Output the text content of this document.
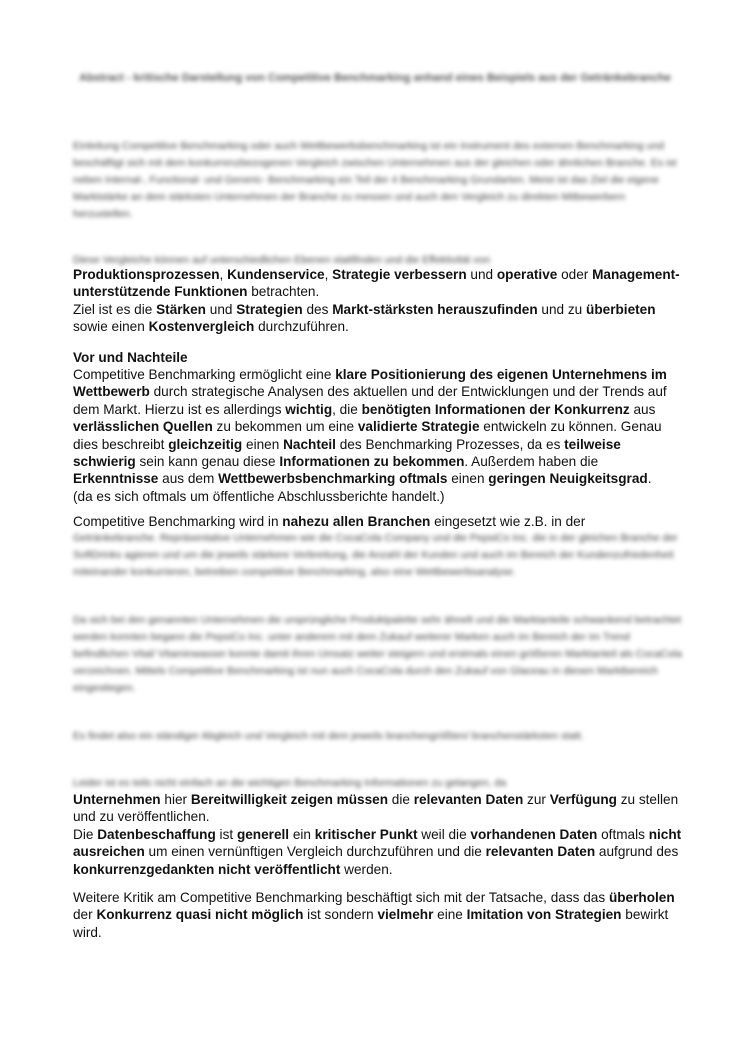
Abstract - kritische Darstellung von Competitive Benchmarking anhand eines Beispiels aus der Getränkebranche
Einleitung Competitive Benchmarking oder auch Wettbewerbsbenchmarking ist ein Instrument des externen Benchmarking und beschäftigt sich mit dem konkurrenzbezogenen Vergleich zwischen Unternehmen aus der gleichen oder ähnlichen Branche. Es ist neben Internal-, Functional- und Generic- Benchmarking ein Teil der 4 Benchmarking Grundarten. Meist ist das Ziel die eigene Marktstärke an dem stärksten Unternehmen der Branche zu messen und auch den Vergleich zu direkten Mitbewerbern herzustellen.
Diese Vergleiche können auf unterschiedlichen Ebenen stattfinden und die Effektivität von
Produktionsprozessen, Kundenservice, Strategie verbessern und operative oder Management-unterstützende Funktionen betrachten.
Ziel ist es die Stärken und Strategien des Markt-stärksten herauszufinden und zu überbieten sowie einen Kostenvergleich durchzuführen.
Vor und Nachteile
Competitive Benchmarking ermöglicht eine klare Positionierung des eigenen Unternehmens im Wettbewerb durch strategische Analysen des aktuellen und der Entwicklungen und der Trends auf dem Markt. Hierzu ist es allerdings wichtig, die benötigten Informationen der Konkurrenz aus verlässlichen Quellen zu bekommen um eine validierte Strategie entwickeln zu können. Genau dies beschreibt gleichzeitig einen Nachteil des Benchmarking Prozesses, da es teilweise schwierig sein kann genau diese Informationen zu bekommen. Außerdem haben die Erkenntnisse aus dem Wettbewerbsbenchmarking oftmals einen geringen Neuigkeitsgrad.
(da es sich oftmals um öffentliche Abschlussberichte handelt.)
Competitive Benchmarking wird in nahezu allen Branchen eingesetzt wie z.B. in der
Getränkebranche. Repräsentative Unternehmen wie die CocaCola Company und die PepsiCo Inc. die in der gleichen Branche der SoftDrinks agieren und um die jeweils stärkere Verbreitung, die Anzahl der Kunden und auch im Bereich der Kundenzufriedenheit miteinander konkurrieren, betreiben competitive Benchmarking, also eine Wettbewerbsanalyse.
Da sich bei den genannten Unternehmen die ursprüngliche Produktpalette sehr ähnelt und die Marktanteile schwankend betrachtet werden konnten begann die PepsiCo Inc. unter anderem mit dem Zukauf weiterer Marken auch im Bereich der im Trend befindlichen Vital/ Vitaminwasser konnte damit ihren Umsatz weiter steigern und erstmals einen größeren Marktanteil als CocaCola verzeichnen. Mittels Competitive Benchmarking ist nun auch CocaCola durch den Zukauf von Glaceau in diesen Marktbereich eingestiegen.
Es findet also ein ständiger Abgleich und Vergleich mit dem jeweils branchengrößten/ branchenstärksten statt.
Leider ist es teils nicht einfach an die wichtigen Benchmarking Informationen zu gelangen, da
Unternehmen hier Bereitwilligkeit zeigen müssen die relevanten Daten zur Verfügung zu stellen und zu veröffentlichen.
Die Datenbeschaffung ist generell ein kritischer Punkt weil die vorhandenen Daten oftmals nicht ausreichen um einen vernünftigen Vergleich durchzuführen und die relevanten Daten aufgrund des konkurrenzgedankten nicht veröffentlicht werden.
Weitere Kritik am Competitive Benchmarking beschäftigt sich mit der Tatsache, dass das überholen der Konkurrenz quasi nicht möglich ist sondern vielmehr eine Imitation von Strategien bewirkt wird.
